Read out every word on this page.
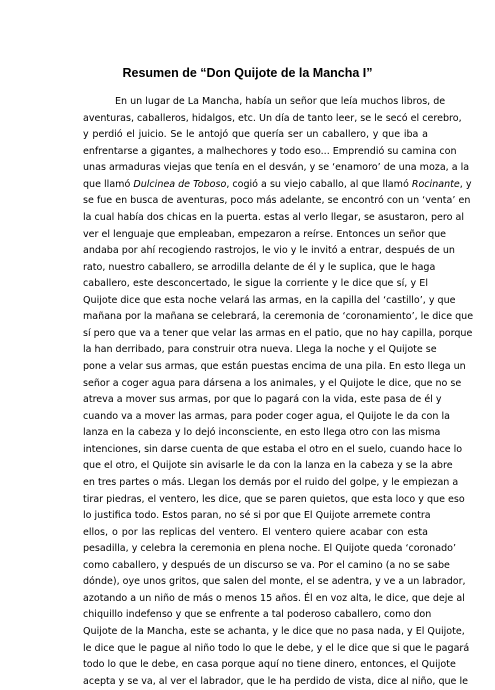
Resumen de “Don Quijote de la Mancha I”
En un lugar de La Mancha, había un señor que leía muchos libros, de
aventuras, caballeros, hidalgos, etc. Un día de tanto leer, se le secó el cerebro,
y perdió el juicio. Se le antojó que quería ser un caballero, y que iba a
enfrentarse a gigantes, a malhechores y todo eso... Emprendió su camina con
unas armaduras viejas que tenía en el desván, y se ‘enamoro’ de una moza, a la
que llamó Dulcinea de Toboso, cogió a su viejo caballo, al que llamó Rocinante, y
se fue en busca de aventuras, poco más adelante, se encontró con un ‘venta’ en
la cual había dos chicas en la puerta. estas al verlo llegar, se asustaron, pero al
ver el lenguaje que empleaban, empezaron a reírse. Entonces un señor que
andaba por ahí recogiendo rastrojos, le vio y le invitó a entrar, después de un
rato, nuestro caballero, se arrodilla delante de él y le suplica, que le haga
caballero, este desconcertado, le sigue la corriente y le dice que sí, y El
Quijote dice que esta noche velará las armas, en la capilla del ‘castillo’, y que
mañana por la mañana se celebrará, la ceremonia de ‘coronamiento’, le dice que
sí pero que va a tener que velar las armas en el patio, que no hay capilla, porque
la han derribado, para construir otra nueva. Llega la noche y el Quijote se
pone a velar sus armas, que están puestas encima de una pila. En esto llega un
señor a coger agua para dársena a los animales, y el Quijote le dice, que no se
atreva a mover sus armas, por que lo pagará con la vida, este pasa de él y
cuando va a mover las armas, para poder coger agua, el Quijote le da con la
lanza en la cabeza y lo dejó inconsciente, en esto llega otro con las misma
intenciones, sin darse cuenta de que estaba el otro en el suelo, cuando hace lo
que el otro, el Quijote sin avisarle le da con la lanza en la cabeza y se la abre
en tres partes o más. Llegan los demás por el ruido del golpe, y le empiezan a
tirar piedras, el ventero, les dice, que se paren quietos, que esta loco y que eso
lo justifica todo. Estos paran, no sé si por que El Quijote arremete contra
ellos, o por las replicas del ventero. El ventero quiere acabar con esta
pesadilla, y celebra la ceremonia en plena noche. El Quijote queda ‘coronado’
como caballero, y después de un discurso se va. Por el camino (a no se sabe
dónde), oye unos gritos, que salen del monte, el se adentra, y ve a un labrador,
azotando a un niño de más o menos 15 años. Él en voz alta, le dice, que deje al
chiquillo indefenso y que se enfrente a tal poderoso caballero, como don
Quijote de la Mancha, este se achanta, y le dice que no pasa nada, y El Quijote,
le dice que le pague al niño todo lo que le debe, y el le dice que si que le pagará
todo lo que le debe, en casa porque aquí no tiene dinero, entonces, el Quijote
acepta y se va, al ver el labrador, que le ha perdido de vista, dice al niño, que le
